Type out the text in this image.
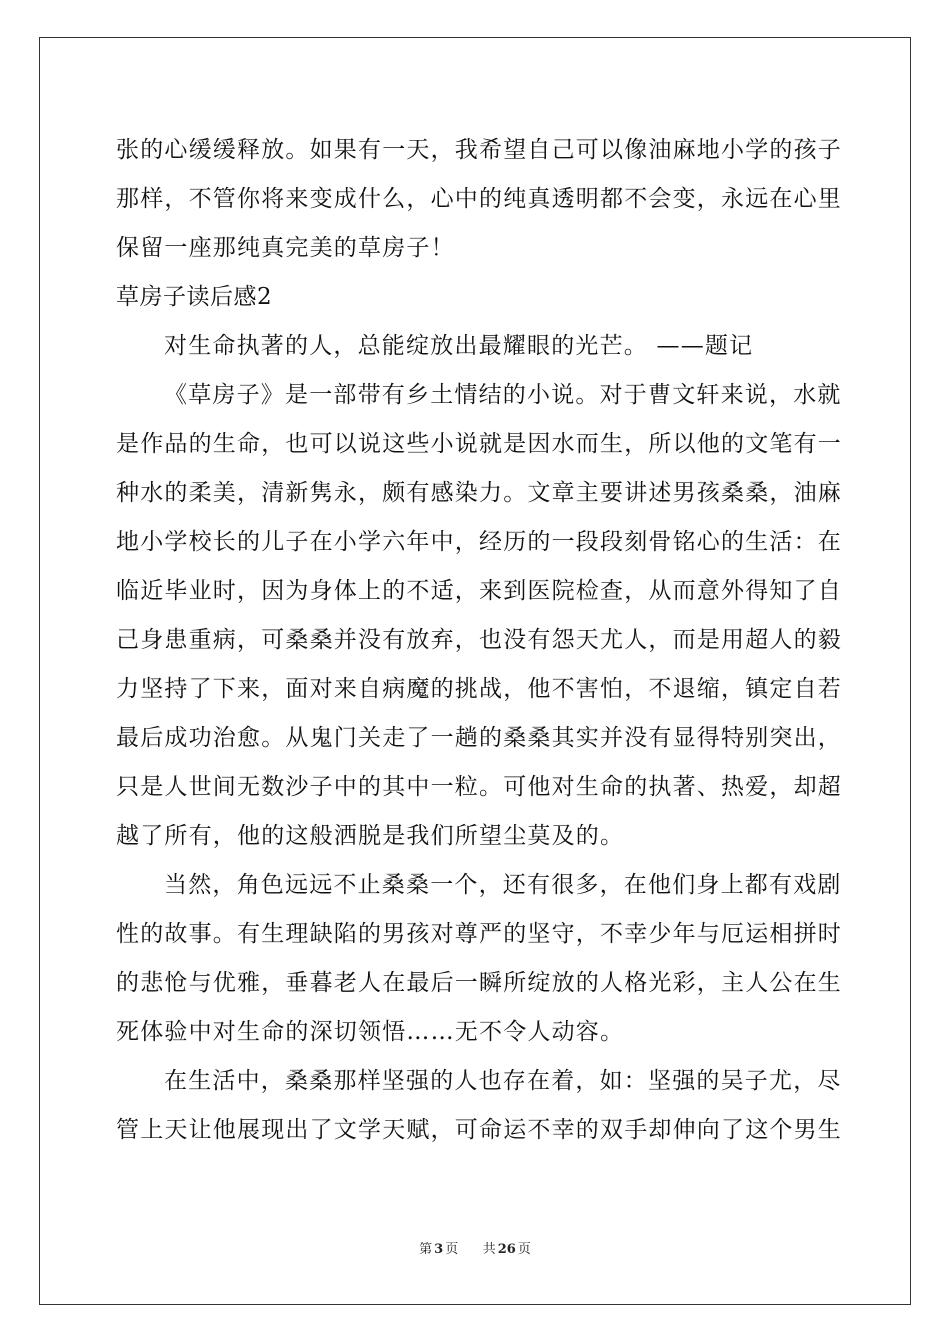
张的心缓缓释放。如果有一天，我希望自己可以像油麻地小学的孩子
那样，不管你将来变成什么，心中的纯真透明都不会变，永远在心里
保留一座那纯真完美的草房子！
草房子读后感2
对生命执著的人，总能绽放出最耀眼的光芒。 ——题记
《草房子》是一部带有乡土情结的小说。对于曹文轩来说，水就
是作品的生命，也可以说这些小说就是因水而生，所以他的文笔有一
种水的柔美，清新隽永，颇有感染力。文章主要讲述男孩桑桑，油麻
地小学校长的儿子在小学六年中，经历的一段段刻骨铭心的生活：在
临近毕业时，因为身体上的不适，来到医院检查，从而意外得知了自
己身患重病，可桑桑并没有放弃，也没有怨天尤人，而是用超人的毅
力坚持了下来，面对来自病魔的挑战，他不害怕，不退缩，镇定自若
最后成功治愈。从鬼门关走了一趟的桑桑其实并没有显得特别突出，
只是人世间无数沙子中的其中一粒。可他对生命的执著、热爱，却超
越了所有，他的这般洒脱是我们所望尘莫及的。
当然，角色远远不止桑桑一个，还有很多，在他们身上都有戏剧
性的故事。有生理缺陷的男孩对尊严的坚守，不幸少年与厄运相拼时
的悲怆与优雅，垂暮老人在最后一瞬所绽放的人格光彩，主人公在生
死体验中对生命的深切领悟……无不令人动容。
在生活中，桑桑那样坚强的人也存在着，如：坚强的吴子尤，尽
管上天让他展现出了文学天赋，可命运不幸的双手却伸向了这个男生
第 3 页 共 26 页
